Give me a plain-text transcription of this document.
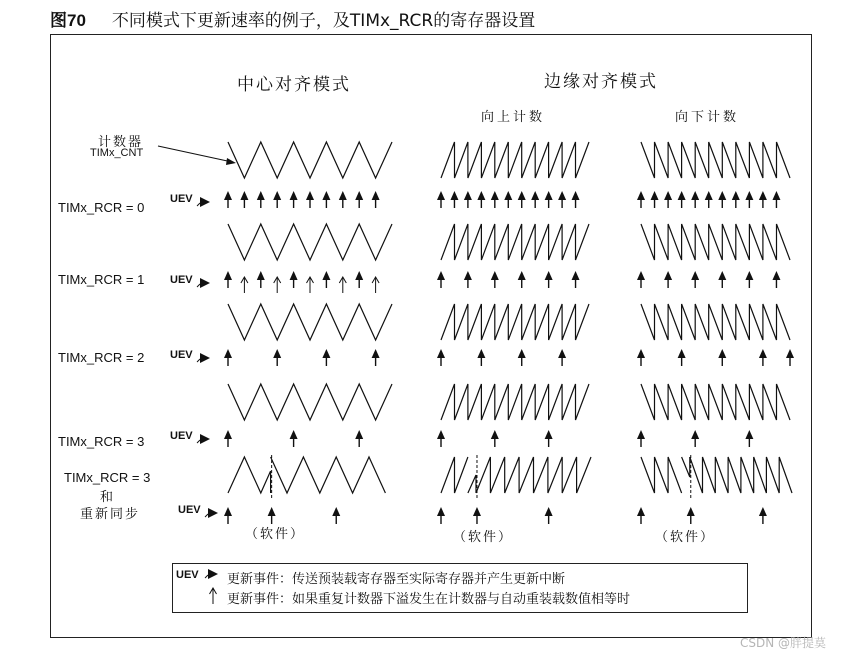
图70 不同模式下更新速率的例子，及TIMx_RCR的寄存器设置
中心对齐模式	边缘对齐模式
向上计数	向下计数
计数器
TIMx_CNT
TIMx_RCR = 0
TIMx_RCR = 1
TIMx_RCR = 2
TIMx_RCR = 3
TIMx_RCR = 3
和
重新同步
UEV
UEV
UEV
UEV
UEV
（软件）	（软件）	（软件）
UEV 更新事件：传送预装载寄存器至实际寄存器并产生更新中断
更新事件：如果重复计数器下溢发生在计数器与自动重装载数值相等时
CSDN @胖提莫
